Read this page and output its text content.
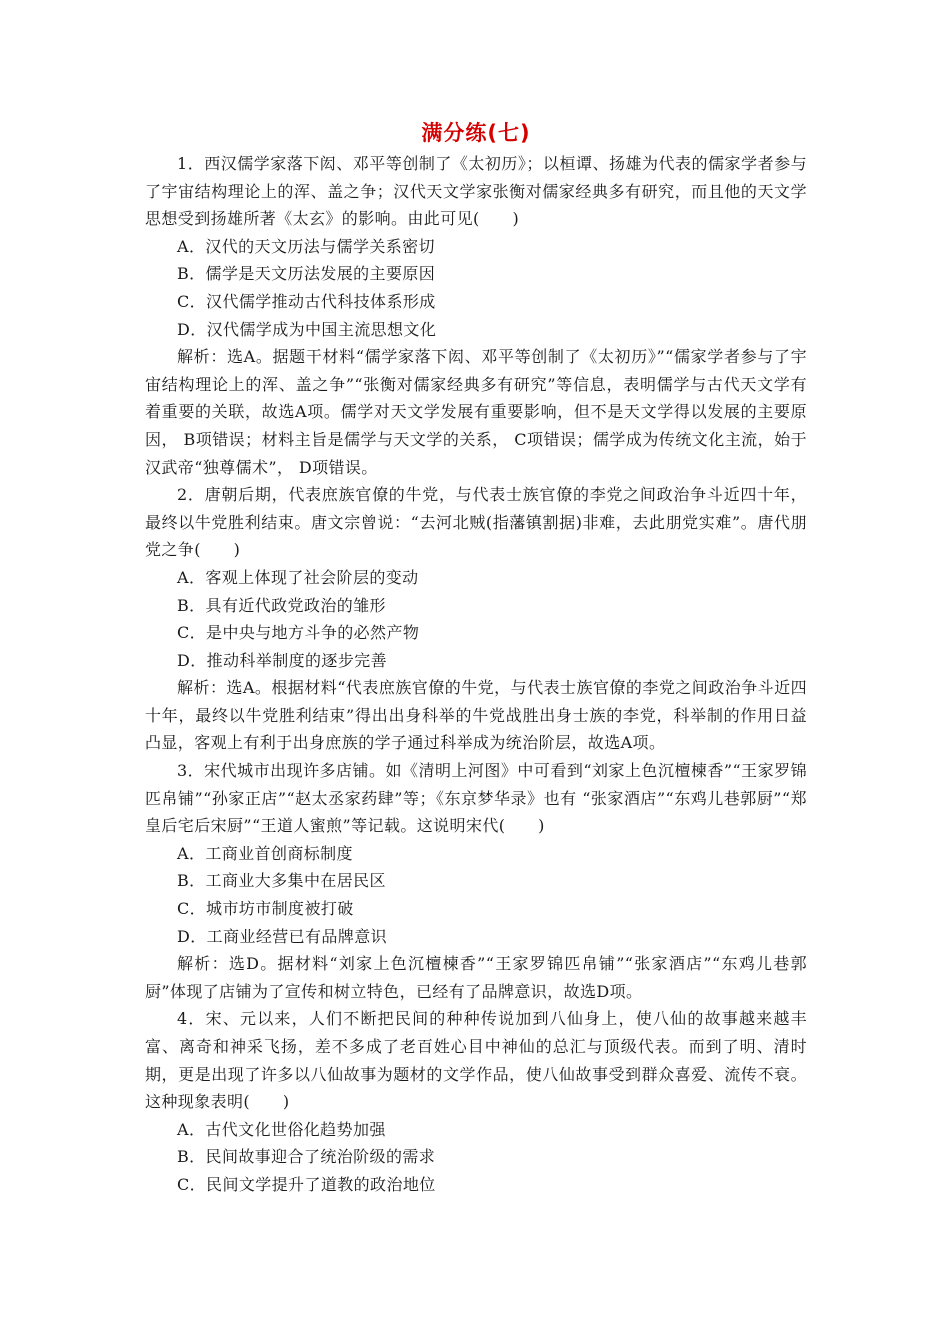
满分练(七)

1．西汉儒学家落下闳、邓平等创制了《太初历》；以桓谭、扬雄为代表的儒家学者参与了宇宙结构理论上的浑、盖之争；汉代天文学家张衡对儒家经典多有研究，而且他的天文学思想受到扬雄所著《太玄》的影响。由此可见(　　)

A．汉代的天文历法与儒学关系密切

B．儒学是天文历法发展的主要原因

C．汉代儒学推动古代科技体系形成

D．汉代儒学成为中国主流思想文化

解析：选A。据题干材料“儒学家落下闳、邓平等创制了《太初历》”“儒家学者参与了宇宙结构理论上的浑、盖之争”“张衡对儒家经典多有研究”等信息，表明儒学与古代天文学有着重要的关联，故选A项。儒学对天文学发展有重要影响，但不是天文学得以发展的主要原因， B项错误；材料主旨是儒学与天文学的关系， C项错误；儒学成为传统文化主流，始于汉武帝“独尊儒术”， D项错误。

2．唐朝后期，代表庶族官僚的牛党，与代表士族官僚的李党之间政治争斗近四十年，最终以牛党胜利结束。唐文宗曾说：“去河北贼(指藩镇割据)非难，去此朋党实难”。唐代朋党之争(　　)

A．客观上体现了社会阶层的变动

B．具有近代政党政治的雏形

C．是中央与地方斗争的必然产物

D．推动科举制度的逐步完善

解析：选A。根据材料“代表庶族官僚的牛党，与代表士族官僚的李党之间政治争斗近四十年，最终以牛党胜利结束”得出出身科举的牛党战胜出身士族的李党，科举制的作用日益凸显，客观上有利于出身庶族的学子通过科举成为统治阶层，故选A项。

3．宋代城市出现许多店铺。如《清明上河图》中可看到“刘家上色沉檀楝香”“王家罗锦匹帛铺”“孙家正店”“赵太丞家药肆”等；《东京梦华录》也有 “张家酒店”“东鸡儿巷郭厨”“郑皇后宅后宋厨”“王道人蜜煎”等记载。这说明宋代(　　)

A．工商业首创商标制度

B．工商业大多集中在居民区

C．城市坊市制度被打破

D．工商业经营已有品牌意识

解析：选D。据材料“刘家上色沉檀楝香”“王家罗锦匹帛铺”“张家酒店”“东鸡儿巷郭厨”体现了店铺为了宣传和树立特色，已经有了品牌意识，故选D项。

4．宋、元以来，人们不断把民间的种种传说加到八仙身上，使八仙的故事越来越丰富、离奇和神采飞扬，差不多成了老百姓心目中神仙的总汇与顶级代表。而到了明、清时期，更是出现了许多以八仙故事为题材的文学作品，使八仙故事受到群众喜爱、流传不衰。这种现象表明(　　)

A．古代文化世俗化趋势加强

B．民间故事迎合了统治阶级的需求

C．民间文学提升了道教的政治地位
